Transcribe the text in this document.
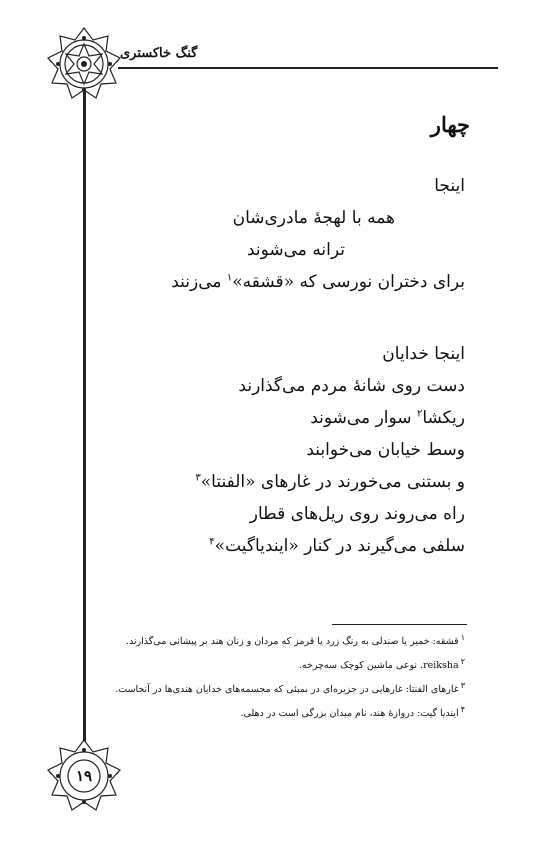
گنگ خاکستری
چهار
اینجا
همه با لهجهٔ مادری‌شان
ترانه می‌شوند
برای دختران نورسی که «قشقه»$^۱$ می‌زنند
اینجا خدایان
دست روی شانهٔ مردم می‌گذارند
ریکشا$^۲$ سوار می‌شوند
وسط خیابان می‌خوابند
و بستنی می‌خورند در غارهای «الفنتا»$^۳$
راه می‌روند روی ریل‌های قطار
سلفی می‌گیرند در کنار «ایندیاگیت»$^۴$

$^۱$قشقه: خمیر یا صندلی به رنگ زرد یا قرمز که مردان و زنان هند بر پیشانی می‌گذارند.

$^۲$reiksha. نوعی ماشین کوچک سه‌چرخه.

$^۳$غارهای الفنتا: غارهایی در جزیره‌ای در بمبئی که مجسمه‌های خدایان هندی‌ها در آنجاست.

$^۴$ایندیا گیت: دروازهٔ هند، نام میدان بزرگی است در دهلی.

۱۹
